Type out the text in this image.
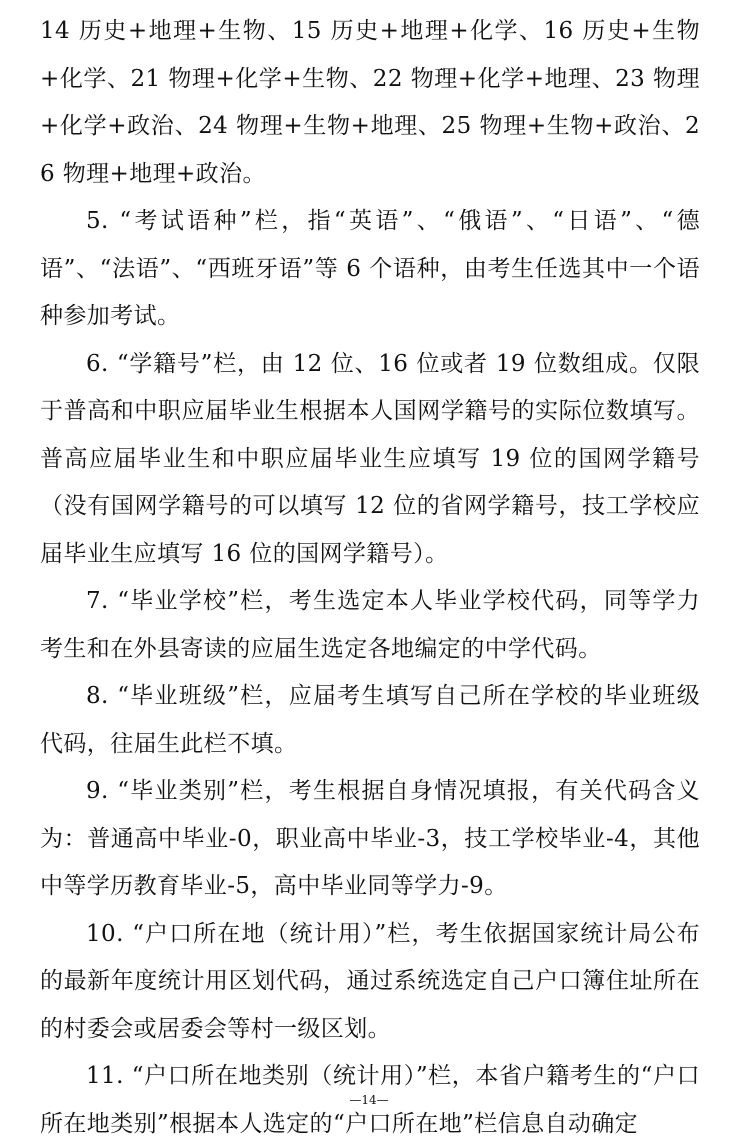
14 历史+地理+生物、15 历史+地理+化学、16 历史+生物+化学、21 物理+化学+生物、22 物理+化学+地理、23 物理+化学+政治、24 物理+生物+地理、25 物理+生物+政治、26 物理+地理+政治。

5. “考试语种”栏，指“英语”、“俄语”、“日语”、“德语”、“法语”、“西班牙语”等 6 个语种，由考生任选其中一个语种参加考试。

6. “学籍号”栏，由 12 位、16 位或者 19 位数组成。仅限于普高和中职应届毕业生根据本人国网学籍号的实际位数填写。普高应届毕业生和中职应届毕业生应填写 19 位的国网学籍号（没有国网学籍号的可以填写 12 位的省网学籍号，技工学校应届毕业生应填写 16 位的国网学籍号）。

7. “毕业学校”栏，考生选定本人毕业学校代码，同等学力考生和在外县寄读的应届生选定各地编定的中学代码。

8. “毕业班级”栏，应届考生填写自己所在学校的毕业班级代码，往届生此栏不填。

9. “毕业类别”栏，考生根据自身情况填报，有关代码含义为：普通高中毕业-0，职业高中毕业-3，技工学校毕业-4，其他中等学历教育毕业-5，高中毕业同等学力-9。

10. “户口所在地（统计用）”栏，考生依据国家统计局公布的最新年度统计用区划代码，通过系统选定自己户口簿住址所在的村委会或居委会等村一级区划。

11. “户口所在地类别（统计用）”栏，本省户籍考生的“户口所在地类别”根据本人选定的“户口所在地”栏信息自动确定

—14—
